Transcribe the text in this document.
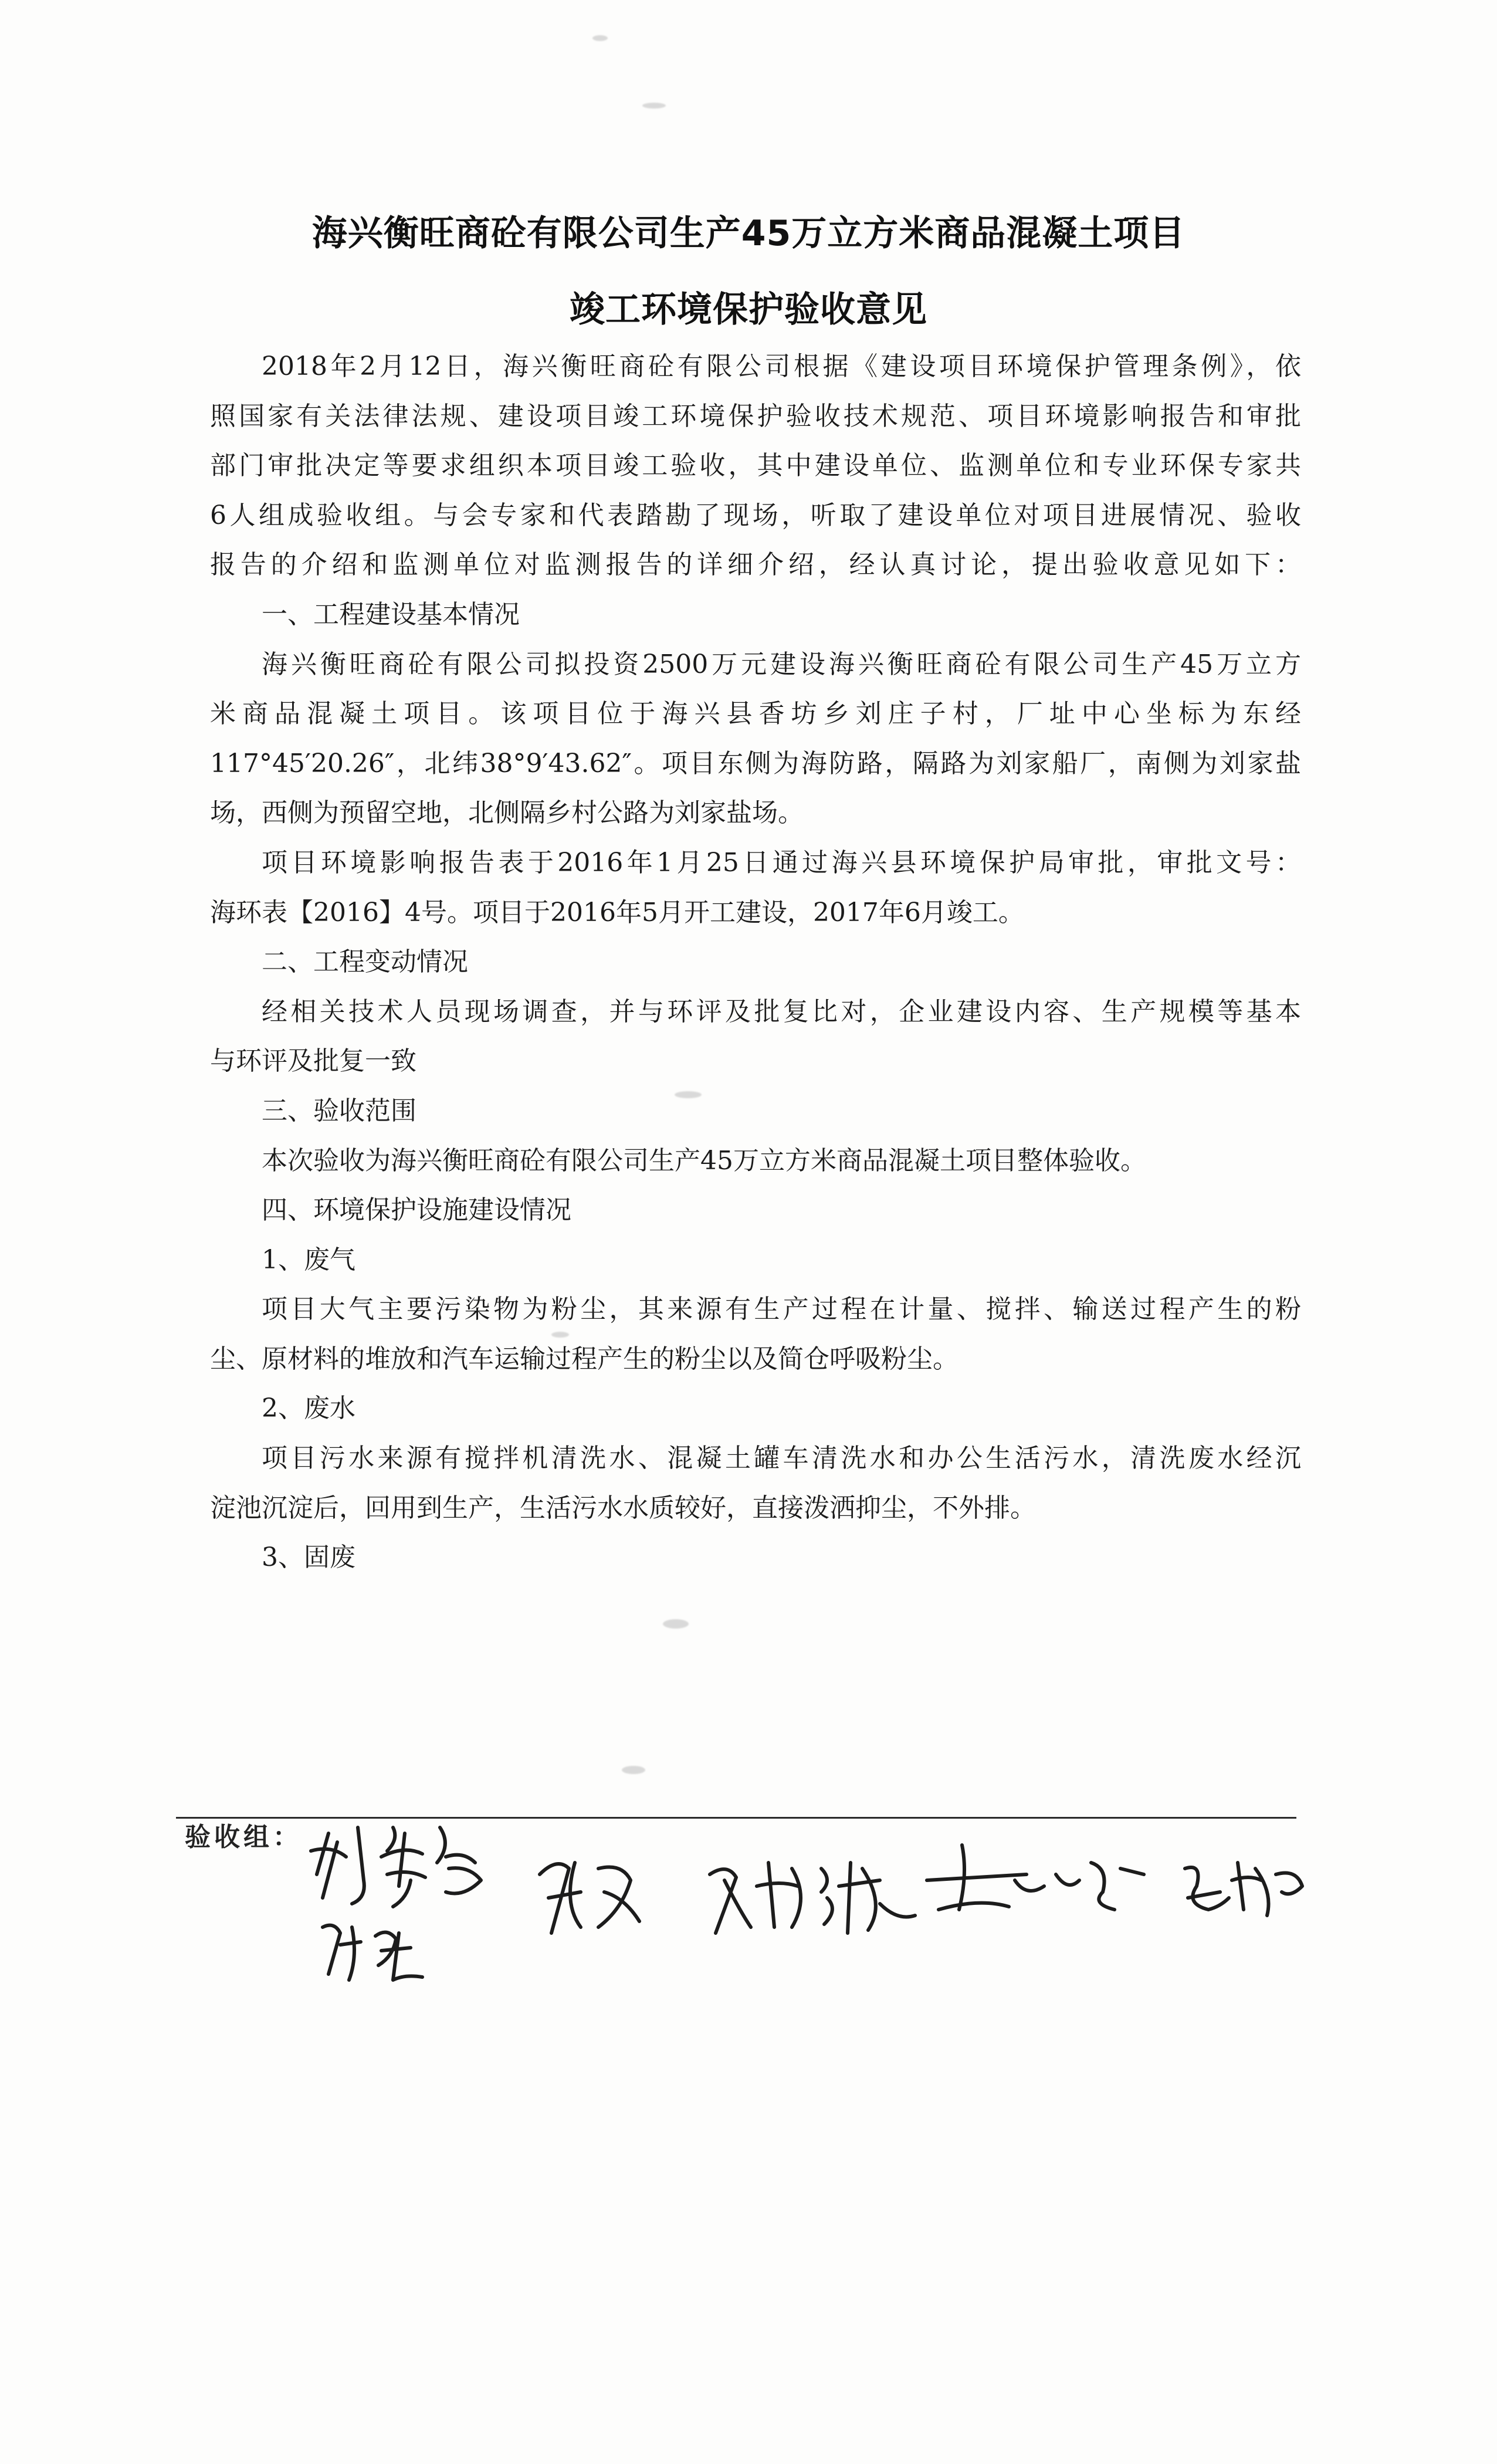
海兴衡旺商砼有限公司生产45万立方米商品混凝土项目
竣工环境保护验收意见
2018年2月12日，海兴衡旺商砼有限公司根据《建设项目环境保护管理条例》，依
照国家有关法律法规、建设项目竣工环境保护验收技术规范、项目环境影响报告和审批
部门审批决定等要求组织本项目竣工验收，其中建设单位、监测单位和专业环保专家共
6人组成验收组。与会专家和代表踏勘了现场，听取了建设单位对项目进展情况、验收
报告的介绍和监测单位对监测报告的详细介绍，经认真讨论，提出验收意见如下：
一、工程建设基本情况
海兴衡旺商砼有限公司拟投资2500万元建设海兴衡旺商砼有限公司生产45万立方
米商品混凝土项目。该项目位于海兴县香坊乡刘庄子村，厂址中心坐标为东经
117°45′20.26″，北纬38°9′43.62″。项目东侧为海防路，隔路为刘家船厂，南侧为刘家盐
场，西侧为预留空地，北侧隔乡村公路为刘家盐场。
项目环境影响报告表于2016年1月25日通过海兴县环境保护局审批，审批文号：
海环表【2016】4号。项目于2016年5月开工建设，2017年6月竣工。
二、工程变动情况
经相关技术人员现场调查，并与环评及批复比对，企业建设内容、生产规模等基本
与环评及批复一致
三、验收范围
本次验收为海兴衡旺商砼有限公司生产45万立方米商品混凝土项目整体验收。
四、环境保护设施建设情况
1、废气
项目大气主要污染物为粉尘，其来源有生产过程在计量、搅拌、输送过程产生的粉
尘、原材料的堆放和汽车运输过程产生的粉尘以及简仓呼吸粉尘。
2、废水
项目污水来源有搅拌机清洗水、混凝土罐车清洗水和办公生活污水，清洗废水经沉
淀池沉淀后，回用到生产，生活污水水质较好，直接泼洒抑尘，不外排。
3、固废
验收组：
